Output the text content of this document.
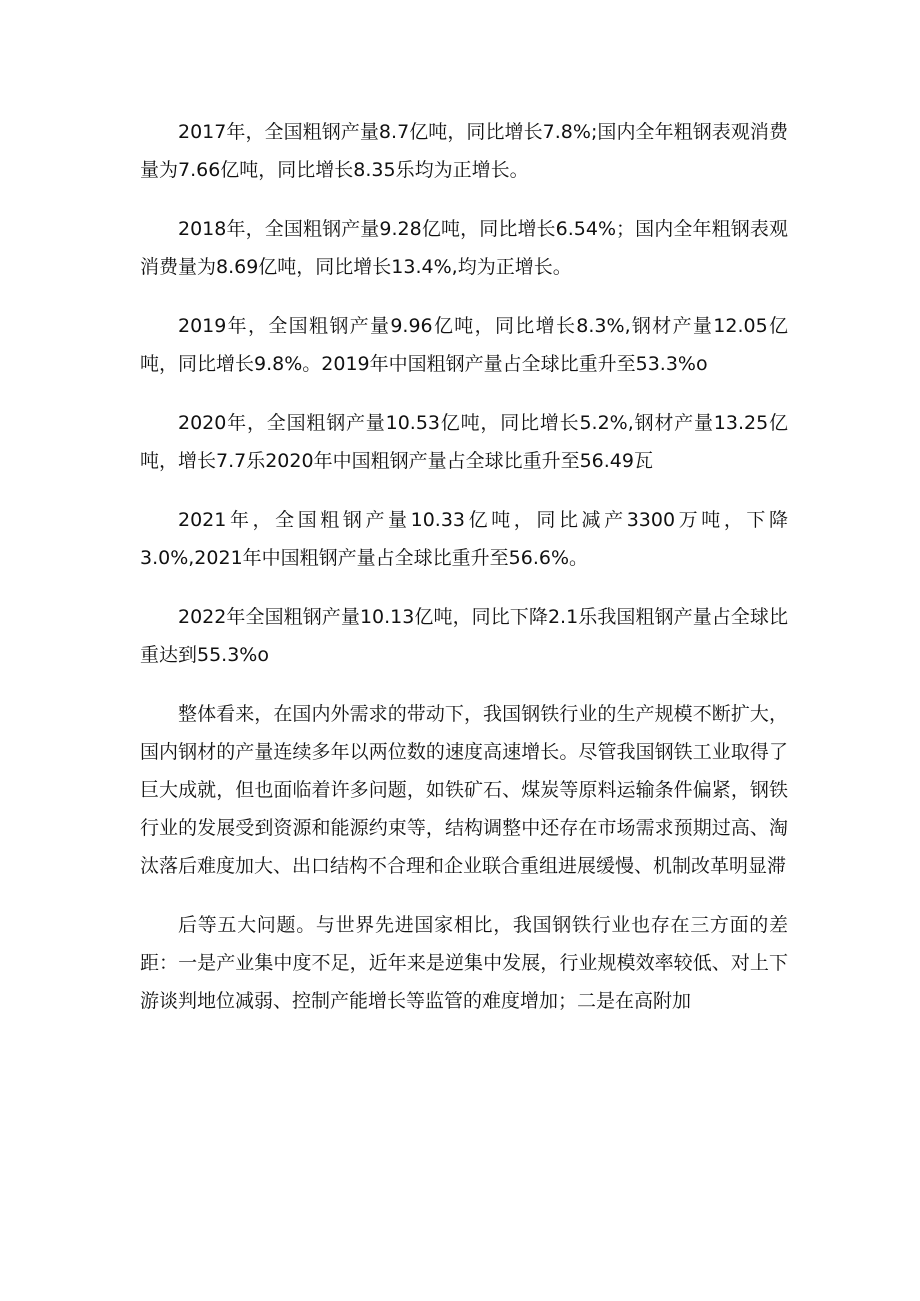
2017年，全国粗钢产量8.7亿吨，同比增长7.8%;国内全年粗钢表观消费量为7.66亿吨，同比增长8.35乐均为正增长。

2018年，全国粗钢产量9.28亿吨，同比增长6.54%；国内全年粗钢表观消费量为8.69亿吨，同比增长13.4%,均为正增长。

2019年，全国粗钢产量9.96亿吨，同比增长8.3%,钢材产量12.05亿吨，同比增长9.8%。2019年中国粗钢产量占全球比重升至53.3%o

2020年，全国粗钢产量10.53亿吨，同比增长5.2%,钢材产量13.25亿吨，增长7.7乐2020年中国粗钢产量占全球比重升至56.49瓦

2021年，全国粗钢产量10.33亿吨，同比减产3300万吨，下降3.0%,2021年中国粗钢产量占全球比重升至56.6%。

2022年全国粗钢产量10.13亿吨，同比下降2.1乐我国粗钢产量占全球比重达到55.3%o

整体看来，在国内外需求的带动下，我国钢铁行业的生产规模不断扩大，国内钢材的产量连续多年以两位数的速度高速增长。尽管我国钢铁工业取得了巨大成就，但也面临着许多问题，如铁矿石、煤炭等原料运输条件偏紧，钢铁行业的发展受到资源和能源约束等，结构调整中还存在市场需求预期过高、淘汰落后难度加大、出口结构不合理和企业联合重组进展缓慢、机制改革明显滞

后等五大问题。与世界先进国家相比，我国钢铁行业也存在三方面的差距：一是产业集中度不足，近年来是逆集中发展，行业规模效率较低、对上下游谈判地位减弱、控制产能增长等监管的难度增加；二是在高附加
